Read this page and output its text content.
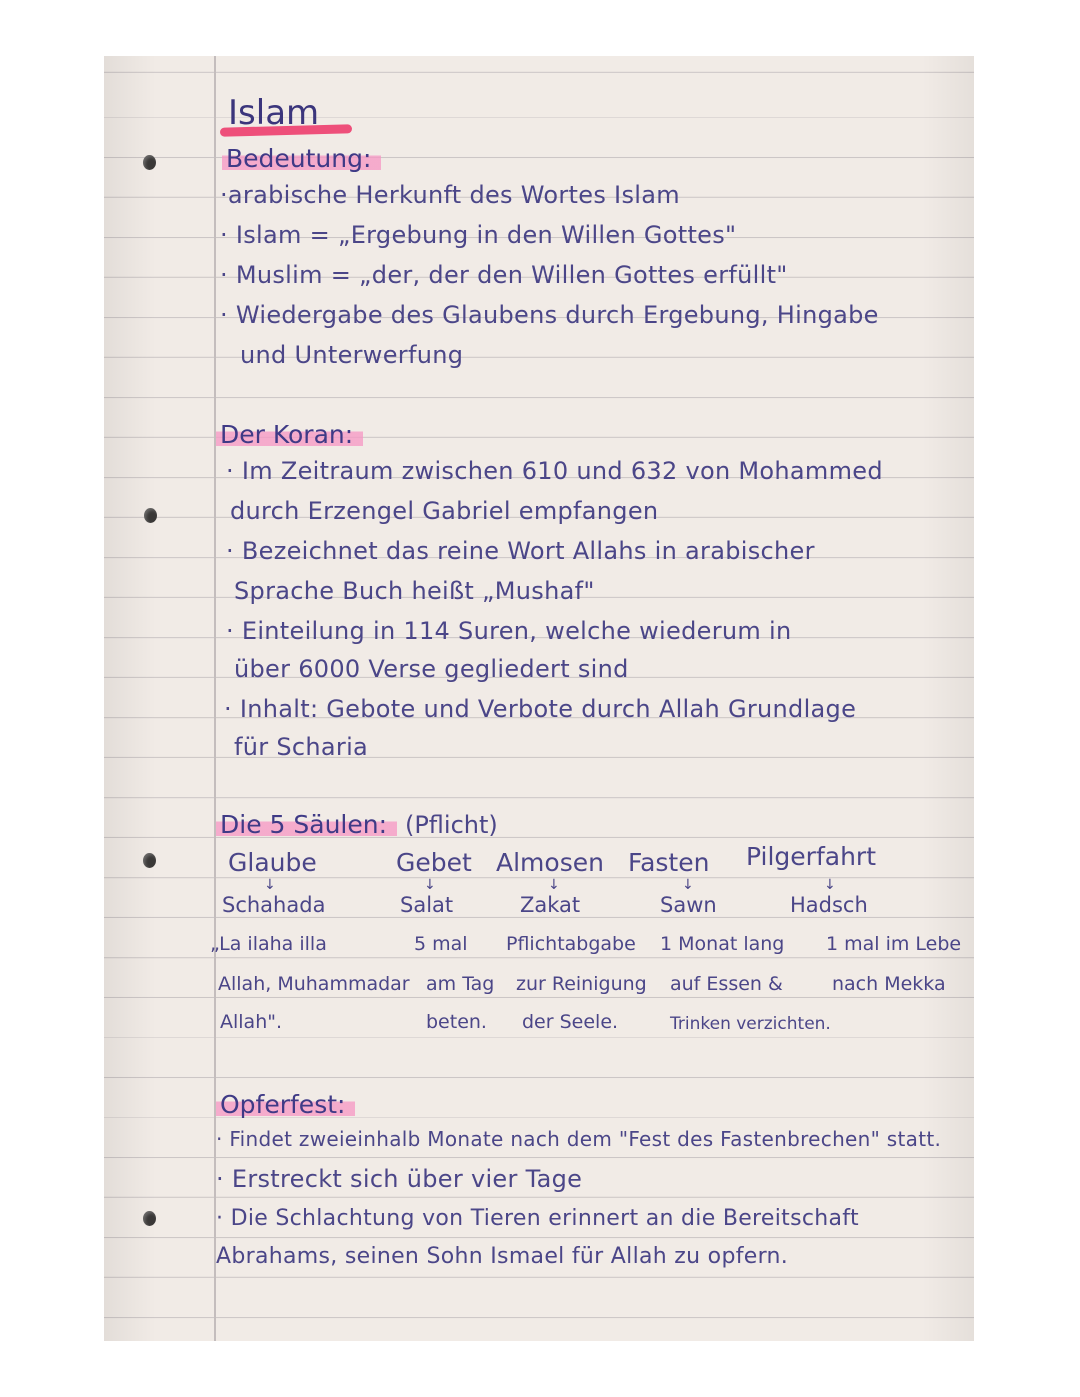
Islam
Bedeutung:
·arabische Herkunft des Wortes Islam
· Islam = „Ergebung in den Willen Gottes"
· Muslim = „der, der den Willen Gottes erfüllt"
· Wiedergabe des Glaubens durch Ergebung, Hingabe
und Unterwerfung
Der Koran:
· Im Zeitraum zwischen 610 und 632 von Mohammed
durch Erzengel Gabriel empfangen
· Bezeichnet das reine Wort Allahs in arabischer
Sprache Buch heißt „Mushaf"
· Einteilung in 114 Suren, welche wiederum in
über 6000 Verse gegliedert sind
· Inhalt: Gebote und Verbote durch Allah Grundlage
für Scharia
Die 5 Säulen: (Pflicht)
Glaube
↓
Schahada
„La ilaha illa
Allah, Muhammadar
Allah".
Gebet
↓
Salat
5 mal
am Tag
beten.
Almosen
↓
Zakat
Pflichtabgabe
zur Reinigung
der Seele.
Fasten
↓
Sawn
1 Monat lang
auf Essen &
Trinken verzichten.
Pilgerfahrt
↓
Hadsch
1 mal im Lebe
nach Mekka
Opferfest:
· Findet zweieinhalb Monate nach dem "Fest des Fastenbrechen" statt.
· Erstreckt sich über vier Tage
· Die Schlachtung von Tieren erinnert an die Bereitschaft
Abrahams, seinen Sohn Ismael für Allah zu opfern.
